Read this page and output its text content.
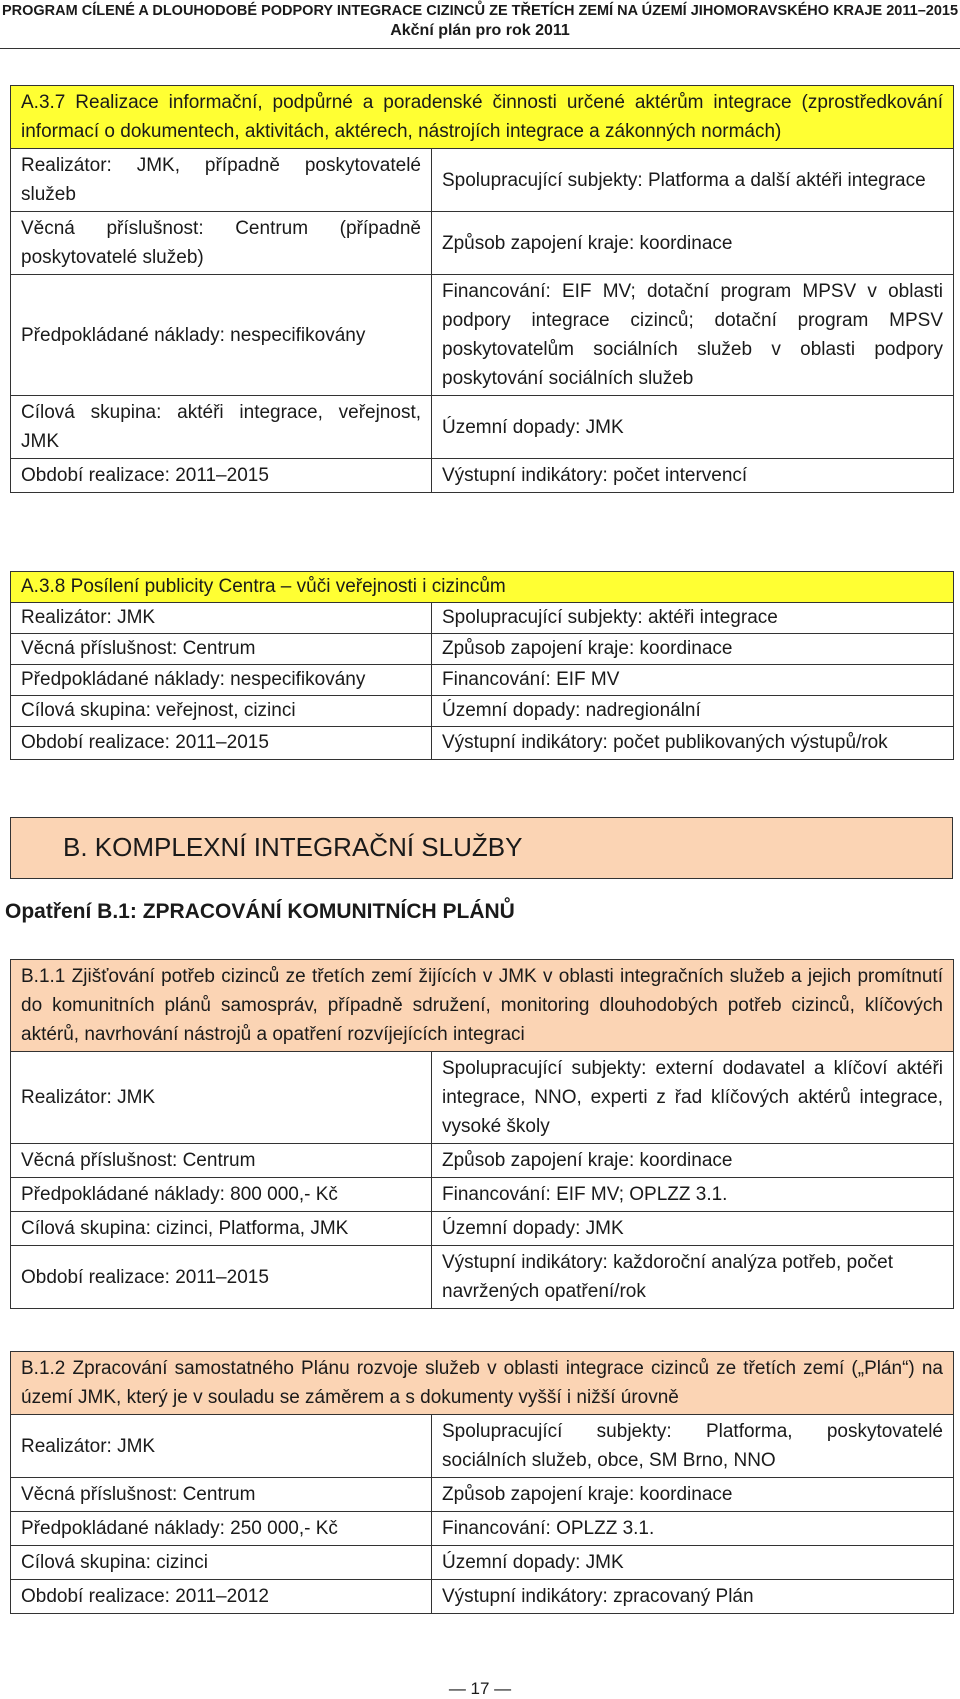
PROGRAM CÍLENÉ A DLOUHODOBÉ PODPORY INTEGRACE CIZINCŮ ZE TŘETÍCH ZEMÍ NA ÚZEMÍ JIHOMORAVSKÉHO KRAJE 2011–2015
Akční plán pro rok 2011
A.3.7 Realizace informační, podpůrné a poradenské činnosti určené aktérům integrace (zprostředkování informací o dokumentech, aktivitách, aktérech, nástrojích integrace a zákonných normách)	
Realizátor: JMK, případně poskytovatelé služeb	Spolupracující subjekty: Platforma a další aktéři integrace
Věcná příslušnost: Centrum (případně poskytovatelé služeb)	Způsob zapojení kraje: koordinace
Předpokládané náklady: nespecifikovány	Financování: EIF MV; dotační program MPSV v oblasti podpory integrace cizinců; dotační program MPSV poskytovatelům sociálních služeb v oblasti podpory poskytování sociálních služeb
Cílová skupina: aktéři integrace, veřejnost, JMK	Územní dopady: JMK
Období realizace: 2011–2015	Výstupní indikátory: počet intervencí
A.3.8 Posílení publicity Centra – vůči veřejnosti i cizincům	
Realizátor: JMK	Spolupracující subjekty: aktéři integrace
Věcná příslušnost: Centrum	Způsob zapojení kraje: koordinace
Předpokládané náklady: nespecifikovány	Financování: EIF MV
Cílová skupina: veřejnost, cizinci	Územní dopady: nadregionální
Období realizace: 2011–2015	Výstupní indikátory: počet publikovaných výstupů/rok
B. KOMPLEXNÍ INTEGRAČNÍ SLUŽBY
Opatření B.1: ZPRACOVÁNÍ KOMUNITNÍCH PLÁNŮ
B.1.1 Zjišťování potřeb cizinců ze třetích zemí žijících v JMK v oblasti integračních služeb a jejich promítnutí do komunitních plánů samospráv, případně sdružení, monitoring dlouhodobých potřeb cizinců, klíčových aktérů, navrhování nástrojů a opatření rozvíjejících integraci	
Realizátor: JMK	Spolupracující subjekty: externí dodavatel a klíčoví aktéři integrace, NNO, experti z řad klíčových aktérů integrace, vysoké školy
Věcná příslušnost: Centrum	Způsob zapojení kraje: koordinace
Předpokládané náklady: 800 000,- Kč	Financování: EIF MV; OPLZZ 3.1.
Cílová skupina: cizinci, Platforma, JMK	Územní dopady: JMK
Období realizace: 2011–2015	Výstupní indikátory: každoroční analýza potřeb, počet navržených opatření/rok
B.1.2 Zpracování samostatného Plánu rozvoje služeb v oblasti integrace cizinců ze třetích zemí („Plán“) na území JMK, který je v souladu se záměrem a s dokumenty vyšší i nižší úrovně	
Realizátor: JMK	Spolupracující subjekty: Platforma, poskytovatelé sociálních služeb, obce, SM Brno, NNO
Věcná příslušnost: Centrum	Způsob zapojení kraje: koordinace
Předpokládané náklady: 250 000,- Kč	Financování: OPLZZ 3.1.
Cílová skupina: cizinci	Územní dopady: JMK
Období realizace: 2011–2012	Výstupní indikátory: zpracovaný Plán
— 17 —
